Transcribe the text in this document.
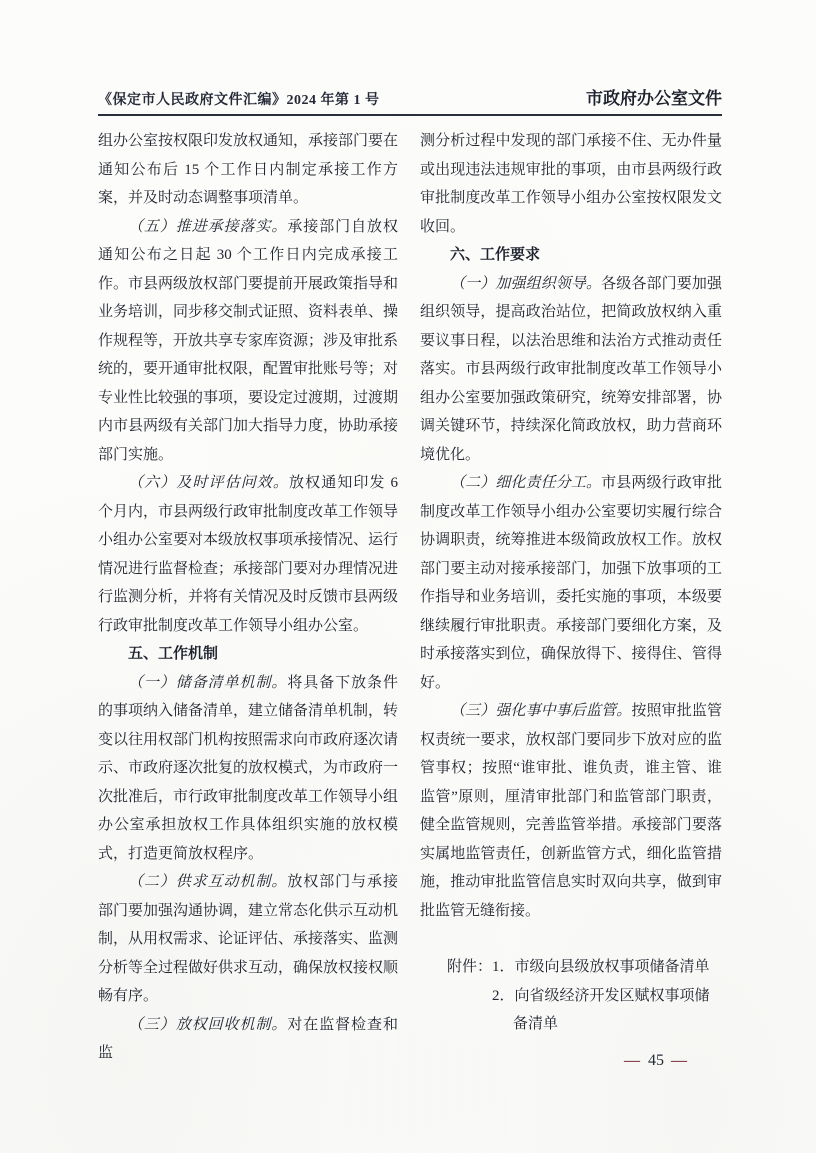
《保定市人民政府文件汇编》2024 年第 1 号	市政府办公室文件

组办公室按权限印发放权通知，承接部门要在通知公布后 15 个工作日内制定承接工作方案，并及时动态调整事项清单。

（五）推进承接落实。承接部门自放权通知公布之日起 30 个工作日内完成承接工作。市县两级放权部门要提前开展政策指导和业务培训，同步移交制式证照、资料表单、操作规程等，开放共享专家库资源；涉及审批系统的，要开通审批权限，配置审批账号等；对专业性比较强的事项，要设定过渡期，过渡期内市县两级有关部门加大指导力度，协助承接部门实施。

（六）及时评估问效。放权通知印发 6 个月内，市县两级行政审批制度改革工作领导小组办公室要对本级放权事项承接情况、运行情况进行监督检查；承接部门要对办理情况进行监测分析，并将有关情况及时反馈市县两级行政审批制度改革工作领导小组办公室。

五、工作机制

（一）储备清单机制。将具备下放条件的事项纳入储备清单，建立储备清单机制，转变以往用权部门机构按照需求向市政府逐次请示、市政府逐次批复的放权模式，为市政府一次批准后，市行政审批制度改革工作领导小组办公室承担放权工作具体组织实施的放权模式，打造更简放权程序。

（二）供求互动机制。放权部门与承接部门要加强沟通协调，建立常态化供示互动机制，从用权需求、论证评估、承接落实、监测分析等全过程做好供求互动，确保放权接权顺畅有序。

（三）放权回收机制。对在监督检查和监

测分析过程中发现的部门承接不住、无办件量或出现违法违规审批的事项，由市县两级行政审批制度改革工作领导小组办公室按权限发文收回。

六、工作要求

（一）加强组织领导。各级各部门要加强组织领导，提高政治站位，把简政放权纳入重要议事日程，以法治思维和法治方式推动责任落实。市县两级行政审批制度改革工作领导小组办公室要加强政策研究，统筹安排部署，协调关键环节，持续深化简政放权，助力营商环境优化。

（二）细化责任分工。市县两级行政审批制度改革工作领导小组办公室要切实履行综合协调职责，统筹推进本级简政放权工作。放权部门要主动对接承接部门，加强下放事项的工作指导和业务培训，委托实施的事项，本级要继续履行审批职责。承接部门要细化方案，及时承接落实到位，确保放得下、接得住、管得好。

（三）强化事中事后监管。按照审批监管权责统一要求，放权部门要同步下放对应的监管事权；按照“谁审批、谁负责，谁主管、谁监管”原则，厘清审批部门和监管部门职责，健全监管规则，完善监管举措。承接部门要落实属地监管责任，创新监管方式，细化监管措施，推动审批监管信息实时双向共享，做到审批监管无缝衔接。

附件： 1．市级向县级放权事项储备清单
2．向省级经济开发区赋权事项储
备清单
— 45 —
